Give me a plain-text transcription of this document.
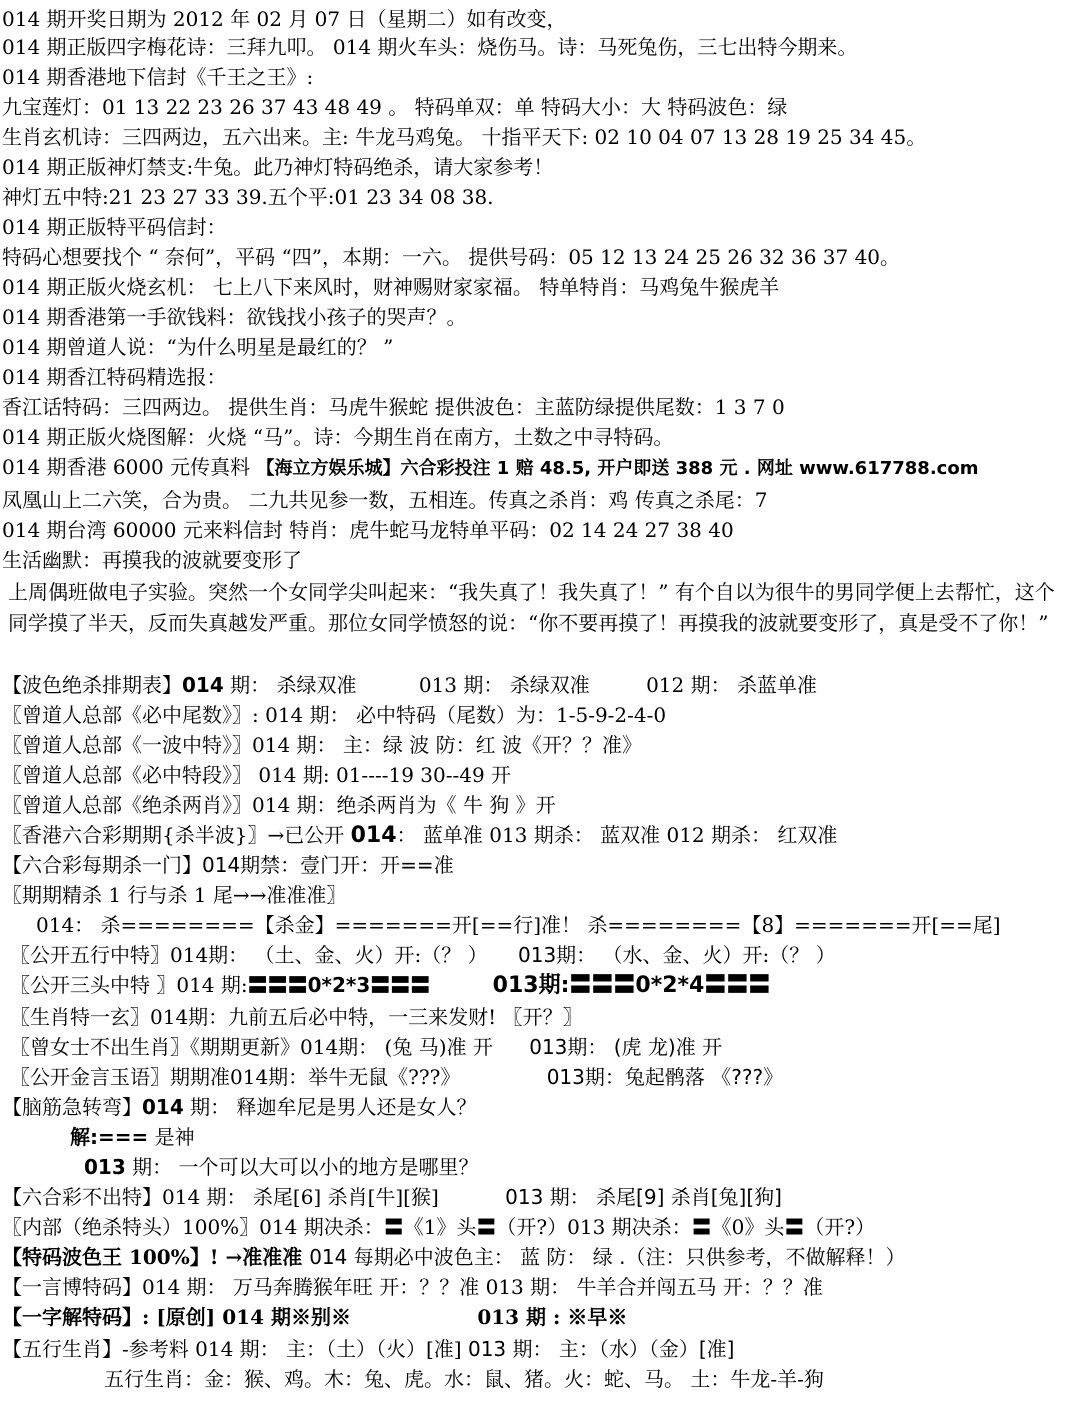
014 期开奖日期为 2012 年 02 月 07 日（星期二）如有改变，
014 期正版四字梅花诗：三拜九叩。 014 期火车头：烧伤马。诗：马死兔伤，三七出特今期来。
014 期香港地下信封《千王之王》:
九宝莲灯：01 13 22 23 26 37 43 48 49 。 特码单双：单 特码大小：大 特码波色：绿
生肖玄机诗：三四两边，五六出来。主: 牛龙马鸡兔。 十指平天下: 02 10 04 07 13 28 19 25 34 45。
014 期正版神灯禁支:牛兔。此乃神灯特码绝杀，请大家参考！
神灯五中特:21 23 27 33 39.五个平:01 23 34 08 38.
014 期正版特平码信封：
特码心想要找个 “ 奈何”，平码 “四”，本期：一六。 提供号码：05 12 13 24 25 26 32 36 37 40。
014 期正版火烧玄机： 七上八下来风时，财神赐财家家福。 特单特肖：马鸡兔牛猴虎羊
014 期香港第一手欲钱料：欲钱找小孩子的哭声？。
014 期曾道人说：“为什么明星是最红的？ ”
014 期香江特码精选报：
香江话特码：三四两边。 提供生肖：马虎牛猴蛇 提供波色：主蓝防绿提供尾数：1 3 7 0
014 期正版火烧图解：火烧 “马”。诗：今期生肖在南方，土数之中寻特码。
014 期香港 6000 元传真料 【海立方娱乐城】六合彩投注 1 赔 48.5, 开户即送 388 元 . 网址 www.617788.com
凤凰山上二六笑，合为贵。 二九共见参一数，五相连。传真之杀肖：鸡 传真之杀尾：7
014 期台湾 60000 元来料信封 特肖：虎牛蛇马龙特单平码：02 14 24 27 38 40
生活幽默：再摸我的波就要变形了
上周偶班做电子实验。突然一个女同学尖叫起来：“我失真了！我失真了！” 有个自以为很牛的男同学便上去帮忙，这个同学摸了半天，反而失真越发严重。那位女同学愤怒的说：“你不要再摸了！再摸我的波就要变形了，真是受不了你！”
【波色绝杀排期表】014 期： 杀绿双准	013 期： 杀绿双准	012 期： 杀蓝单准
〖曾道人总部《必中尾数》〗: 014 期： 必中特码（尾数）为：1-5-9-2-4-0
〖曾道人总部《一波中特》〗014 期： 主：绿 波 防：红 波《开？？准》
〖曾道人总部《必中特段》〗 014 期: 01----19 30--49 开
〖曾道人总部《绝杀两肖》〗014 期：绝杀两肖为《 牛 狗 》开
〖香港六合彩期期{杀半波}〗→已公开 014： 蓝单准 013 期杀： 蓝双准 012 期杀： 红双准
【六合彩每期杀一门】014期禁：壹门开：开==准
〖期期精杀 1 行与杀 1 尾→→准准准〗
014： 杀========【杀金】=======开[==行]准！ 杀========【8】=======开[==尾]
〖公开五行中特〗014期： （土、金、火）开:（？ ） 013期： （水、金、火）开:（？ ）
〖公开三头中特 〗014 期:〓〓〓0*2*3〓〓〓	013期:〓〓〓0*2*4〓〓〓
〖生肖特一玄〗014期：九前五后必中特，一三来发财! 〖开？〗
〖曾女士不出生肖〗《期期更新》014期： (兔 马)准 开 013期： (虎 龙)准 开
〖公开金言玉语〗期期准014期：举牛无鼠《???》	013期：兔起鹘落 《???》
【脑筋急转弯】014 期： 释迦牟尼是男人还是女人？
解:=== 是神
013 期： 一个可以大可以小的地方是哪里？
【六合彩不出特】014 期： 杀尾[6] 杀肖[牛][猴]	013 期： 杀尾[9] 杀肖[兔][狗]
〖内部（绝杀特头）100%〗014 期决杀：〓《1》头〓（开?）013 期决杀：〓《0》头〓（开?）
【特码波色王 100%】! →准准准 014 每期必中波色主： 蓝 防： 绿 .（注：只供参考，不做解释！）
【一言博特码】014 期： 万马奔腾猴年旺 开：？？准 013 期： 牛羊合并闯五马 开：？？准
【一字解特码】: [原创] 014 期※别※	013 期 : ※早※
【五行生肖】-参考料 014 期： 主：（土）（火）[准] 013 期： 主：（水）（金）[准]
五行生肖：金：猴、鸡。木：兔、虎。水：鼠、猪。火：蛇、马。 土：牛龙-羊-狗
